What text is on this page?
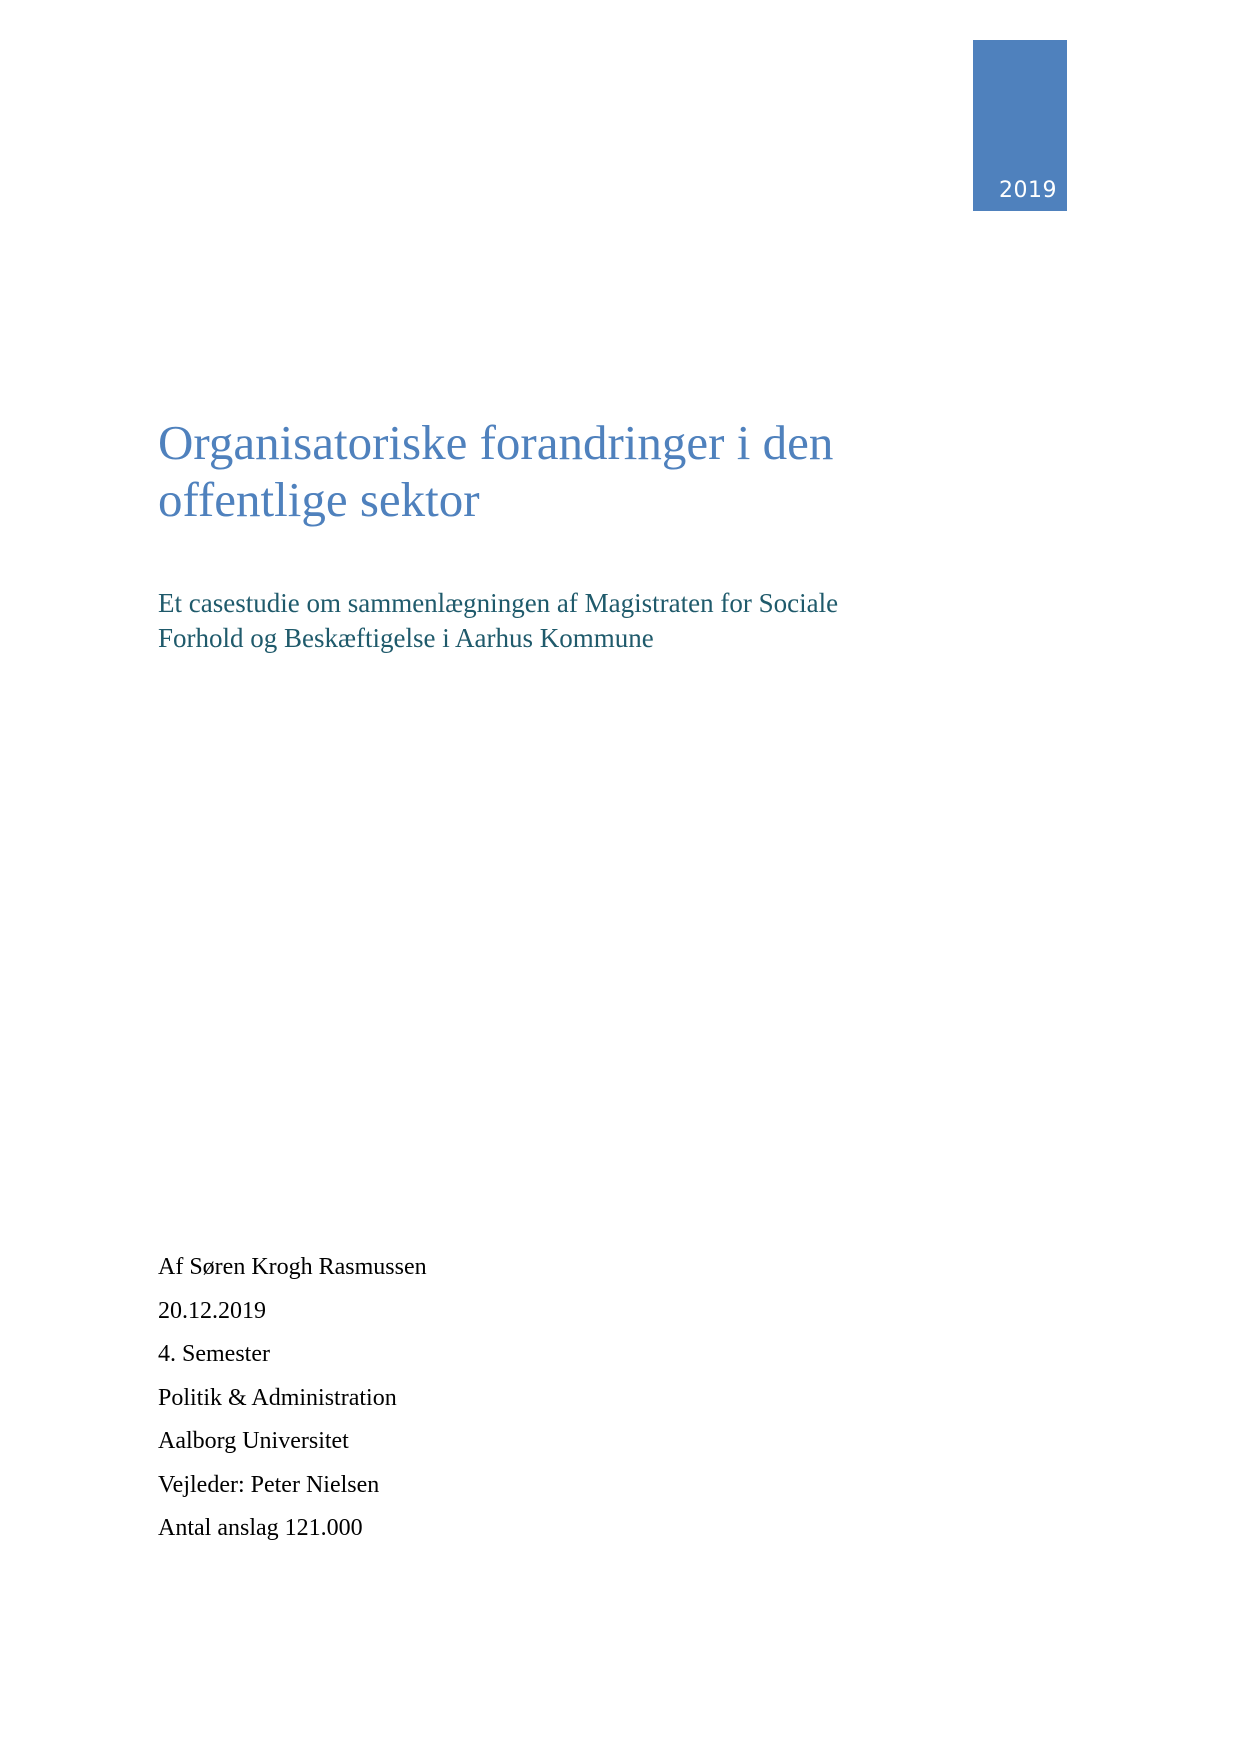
2019
Organisatoriske forandringer i den
offentlige sektor
Et casestudie om sammenlægningen af Magistraten for Sociale
Forhold og Beskæftigelse i Aarhus Kommune
Af Søren Krogh Rasmussen
20.12.2019
4. Semester
Politik & Administration
Aalborg Universitet
Vejleder: Peter Nielsen
Antal anslag 121.000
